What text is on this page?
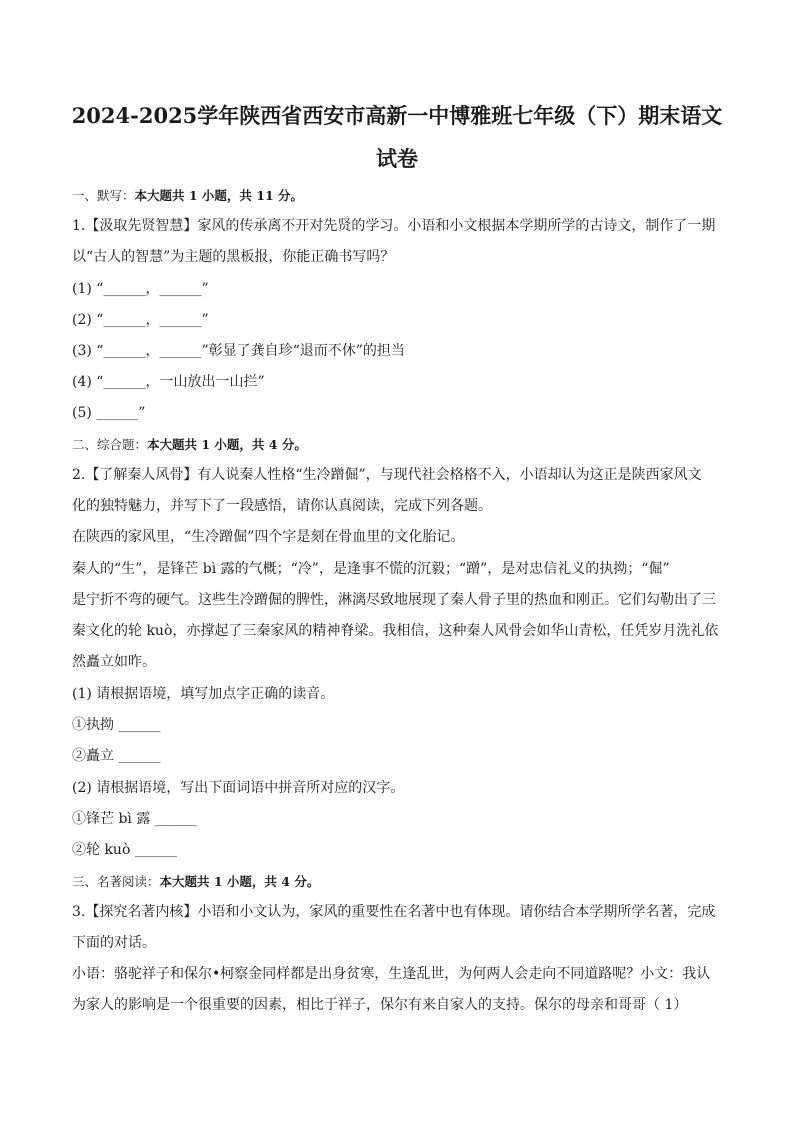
2024-2025学年陕西省西安市高新一中博雅班七年级（下）期末语文
试卷
一、默写：本大题共 1 小题，共 11 分。
1.【汲取先贤智慧】家风的传承离不开对先贤的学习。小语和小文根据本学期所学的古诗文，制作了一期
以“古人的智慧”为主题的黑板报，你能正确书写吗？
(1) “______，______”
(2) “______，______”
(3) “______，______”彰显了龚自珍“退而不休”的担当
(4) “______，一山放出一山拦”
(5) ______”
二、综合题：本大题共 1 小题，共 4 分。
2.【了解秦人风骨】有人说秦人性格“生冷蹭倔”，与现代社会格格不入，小语却认为这正是陕西家风文
化的独特魅力，并写下了一段感悟，请你认真阅读，完成下列各题。
在陕西的家风里，“生冷蹭倔”四个字是刻在骨血里的文化胎记。
秦人的“生”，是锋芒 bì 露的气概；“冷”，是逢事不慌的沉毅；“蹭”，是对忠信礼义的执拗；“倔”
是宁折不弯的硬气。这些生冷蹭倔的脾性，淋漓尽致地展现了秦人骨子里的热血和刚正。它们勾勒出了三
秦文化的轮 kuò，亦撑起了三秦家风的精神脊梁。我相信，这种秦人风骨会如华山青松，任凭岁月洗礼依
然矗立如昨。
(1) 请根据语境，填写加点字正确的读音。
①执拗 ______
②矗立 ______
(2) 请根据语境，写出下面词语中拼音所对应的汉字。
①锋芒 bì 露 ______
②轮 kuò ______
三、名著阅读：本大题共 1 小题，共 4 分。
3.【探究名著内核】小语和小文认为，家风的重要性在名著中也有体现。请你结合本学期所学名著，完成
下面的对话。
小语：骆驼祥子和保尔•柯察金同样都是出身贫寒，生逢乱世，为何两人会走向不同道路呢？小文：我认
为家人的影响是一个很重要的因素，相比于祥子，保尔有来自家人的支持。保尔的母亲和哥哥（ 1）
